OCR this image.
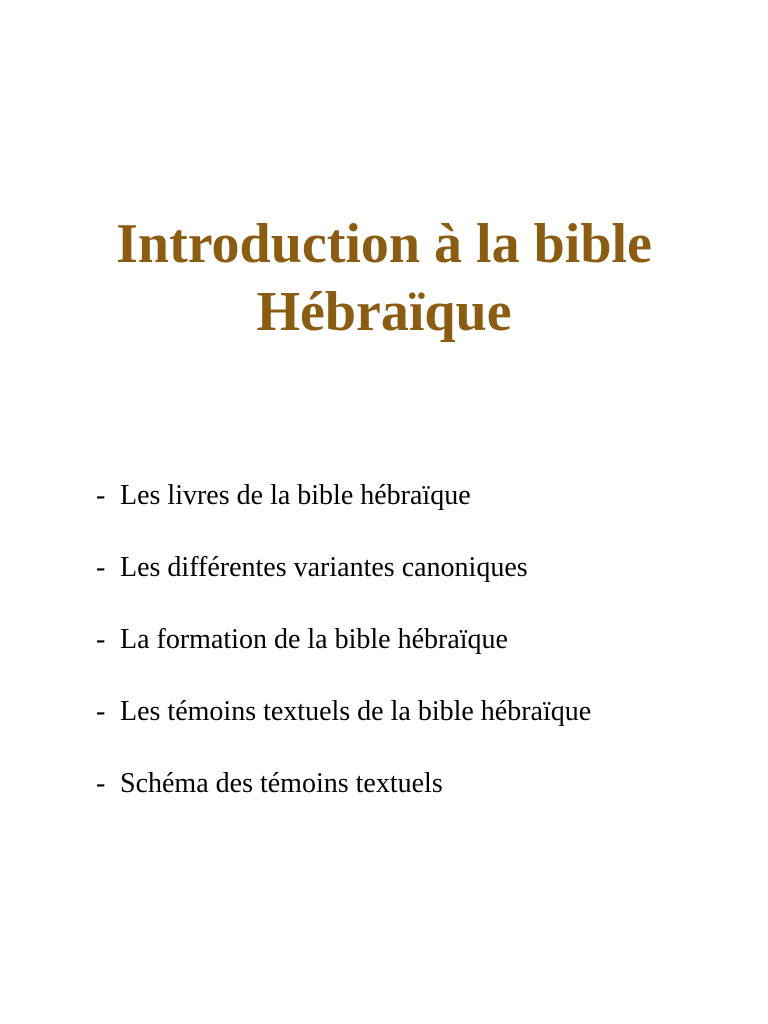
Introduction à la bible
Hébraïque
- Les livres de la bible hébraïque
- Les différentes variantes canoniques
- La formation de la bible hébraïque
- Les témoins textuels de la bible hébraïque
- Schéma des témoins textuels
